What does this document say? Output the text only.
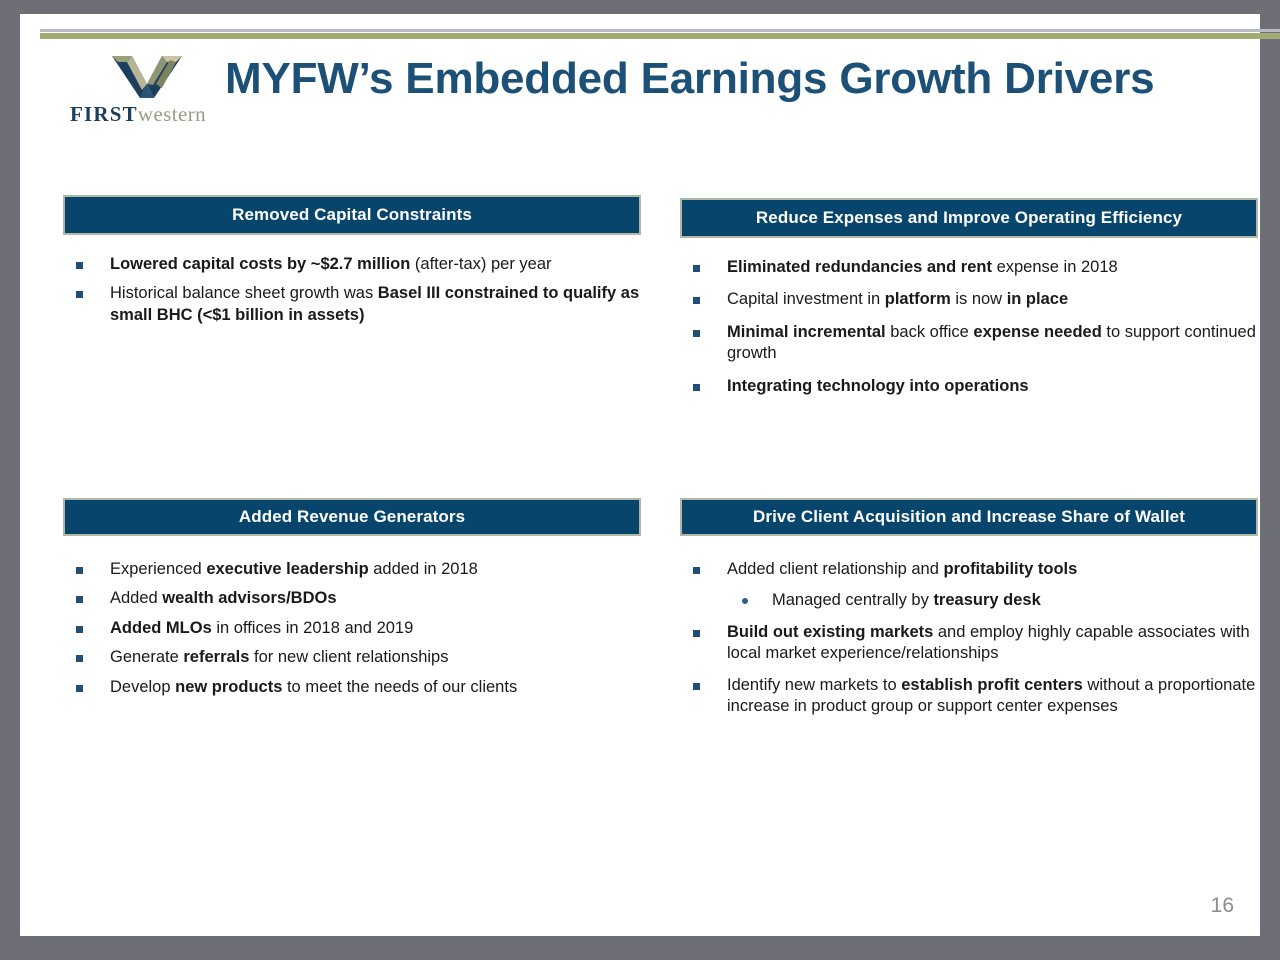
FIRSTwestern
MYFW’s Embedded Earnings Growth Drivers
Removed Capital Constraints
Lowered capital costs by ~$2.7 million (after-tax) per year
Historical balance sheet growth was Basel III constrained to qualify as small BHC (<$1 billion in assets)
Reduce Expenses and Improve Operating Efficiency
Eliminated redundancies and rent expense in 2018
Capital investment in platform is now in place
Minimal incremental back office expense needed to support continued growth
Integrating technology into operations
Added Revenue Generators
Experienced executive leadership added in 2018
Added wealth advisors/BDOs
Added MLOs in offices in 2018 and 2019
Generate referrals for new client relationships
Develop new products to meet the needs of our clients
Drive Client Acquisition and Increase Share of Wallet
Added client relationship and profitability tools
Managed centrally by treasury desk
Build out existing markets and employ highly capable associates with local market experience/relationships
Identify new markets to establish profit centers without a proportionate increase in product group or support center expenses
16
